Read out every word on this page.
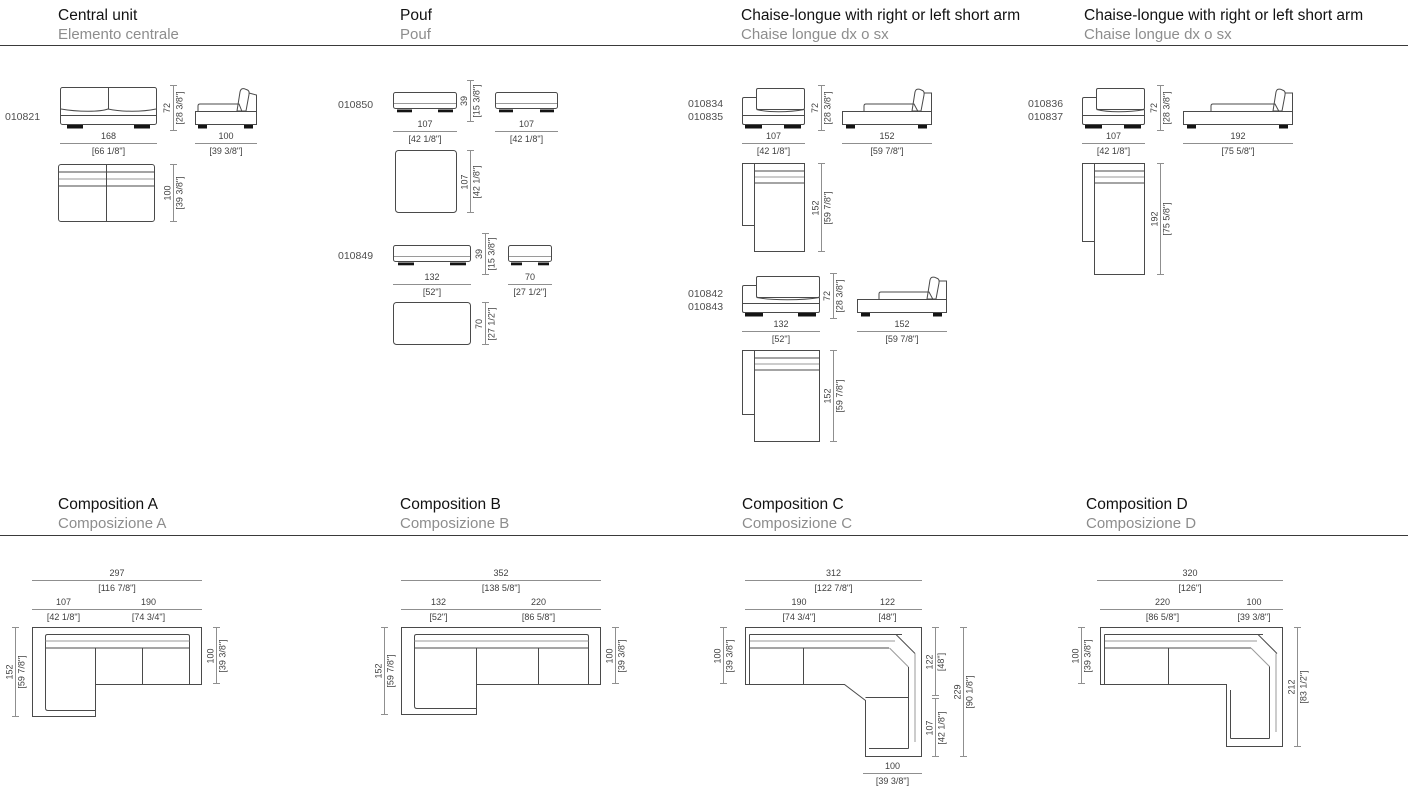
Central unit
Elemento centrale
Pouf
Pouf
Chaise-longue with right or left short arm
Chaise longue dx o sx
Chaise-longue with right or left short arm
Chaise longue dx o sx
010821
72 [28 3/8"]
168
[66 1/8"]
100
[39 3/8"]
100 [39 3/8"]
010850	39 [15 3/8"]
107
[42 1/8"]
107
[42 1/8"]
107 [42 1/8"]
010849	39 [15 3/8"]
132
[52"]
70
[27 1/2"]
70 [27 1/2"]
010834
010835
72 [28 3/8"]
107
[42 1/8"]
152
[59 7/8"]
152 [59 7/8"]
010842
010843
72 [28 3/8"]
132
[52"]
152
[59 7/8"]
152 [59 7/8"]
010836
010837
72 [28 3/8"]
107
[42 1/8"]
192
[75 5/8"]
192 [75 5/8"]
Composition A
Composizione A
Composition B
Composizione B
Composition C
Composizione C
Composition D
Composizione D
297
[116 7/8"]
107
[42 1/8"]
190
[74 3/4"]
152 [59 7/8"]	100 [39 3/8"]
352
[138 5/8"]
132
[52"]
220
[86 5/8"]
152 [59 7/8"]	100 [39 3/8"]
312
[122 7/8"]
190
[74 3/4"]
122
[48"]
100 [39 3/8"]	122 [48"]
107 [42 1/8"]
229 [90 1/8"]
100
[39 3/8"]
320
[126"]
220
[86 5/8"]
100
[39 3/8"]
100 [39 3/8"]
212 [83 1/2"]
